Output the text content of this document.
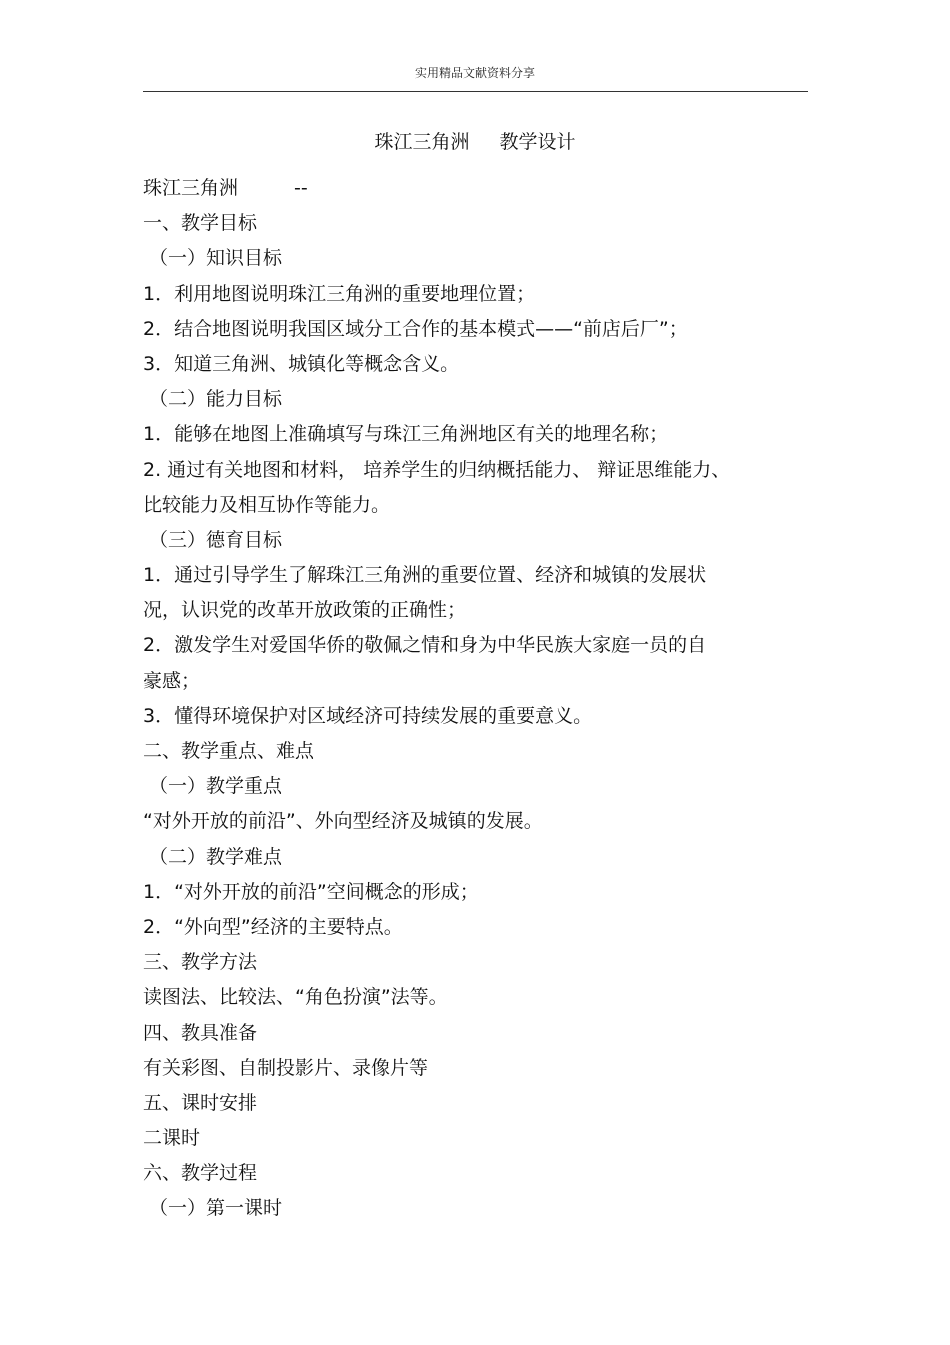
实用精品文献资料分享
珠江三角洲 教学设计
珠江三角洲	--
一、教学目标
（一）知识目标
1．利用地图说明珠江三角洲的重要地理位置；
2．结合地图说明我国区域分工合作的基本模式——“前店后厂”；
3．知道三角洲、城镇化等概念含义。
（二）能力目标
1．能够在地图上准确填写与珠江三角洲地区有关的地理名称；
2. 通过有关地图和材料， 培养学生的归纳概括能力、 辩证思维能力、
比较能力及相互协作等能力。
（三）德育目标
1．通过引导学生了解珠江三角洲的重要位置、经济和城镇的发展状
况，认识党的改革开放政策的正确性；
2．激发学生对爱国华侨的敬佩之情和身为中华民族大家庭一员的自
豪感；
3．懂得环境保护对区域经济可持续发展的重要意义。
二、教学重点、难点
（一）教学重点
“对外开放的前沿”、外向型经济及城镇的发展。
（二）教学难点
1．“对外开放的前沿”空间概念的形成；
2．“外向型”经济的主要特点。
三、教学方法
读图法、比较法、“角色扮演”法等。
四、教具准备
有关彩图、自制投影片、录像片等
五、课时安排
二课时
六、教学过程
（一）第一课时
